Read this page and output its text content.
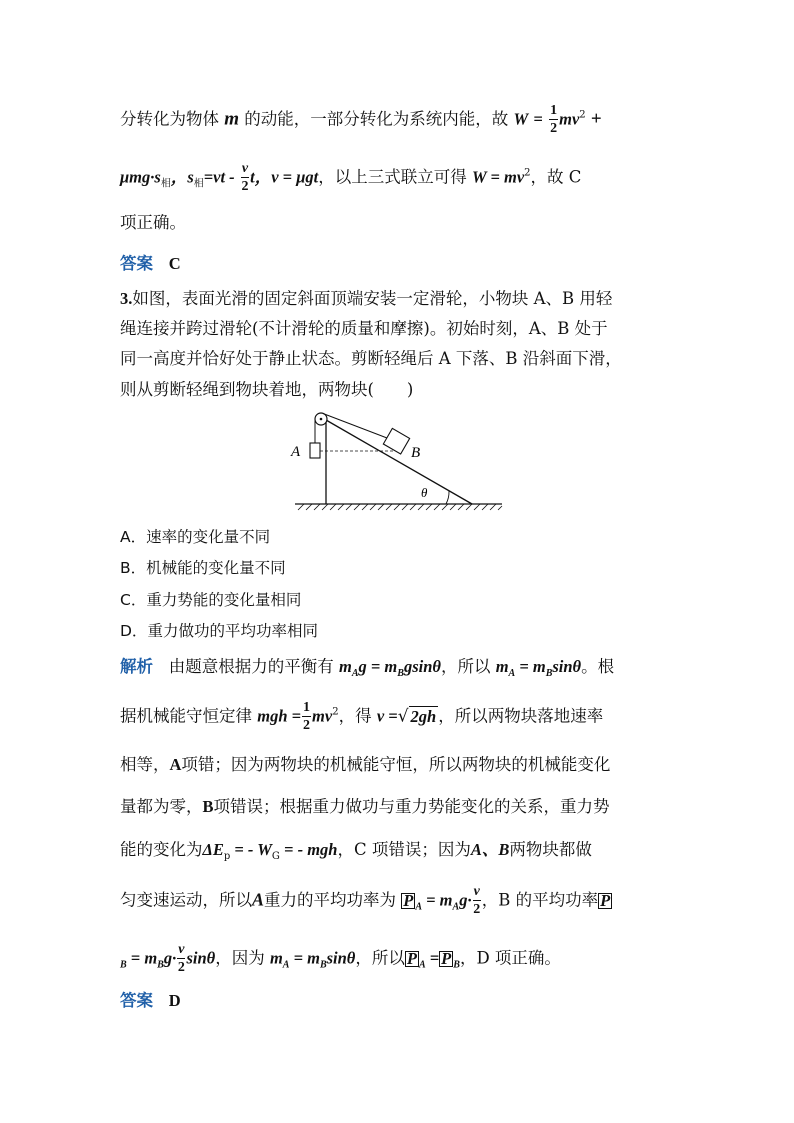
分转化为物体 m 的动能，一部分转化为系统内能，故 $W = \frac{1}{2} mv^2$ +
$\mu mg\cdot s_相$，$s_相=vt - \frac{v}{2}$ t，v = μgt，以上三式联立可得 $W = mv^2$，故 C
项正确。
答案 C
3.如图，表面光滑的固定斜面顶端安装一定滑轮，小物块 A、B 用轻
绳连接并跨过滑轮(不计滑轮的质量和摩擦)。初始时刻，A、B 处于
同一高度并恰好处于静止状态。剪断轻绳后 A 下落、B 沿斜面下滑，
则从剪断轻绳到物块着地，两物块(　　)
A	B
θ
A．速率的变化量不同
B．机械能的变化量不同
C．重力势能的变化量相同
D．重力做功的平均功率相同
解析 由题意根据力的平衡有 $m_Ag = m_Bgsin\theta$，所以 $m_A = m_B\sin\theta$。根
据机械能守恒定律 mgh = $\frac{1}{2} mv^2$，得 v =√ 2gh ，所以两物块落地速率
相等，A项错；因为两物块的机械能守恒，所以两物块的机械能变化
量都为零，B项错误；根据重力做功与重力势能变化的关系，重力势
能的变化为$\Delta E_p$ = - $W_G$ = - mgh，C 项错误；因为A、B两物块都做
匀变速运动，所以A重力的平均功率为 P $_A = m_Ag\cdot \frac{v}{2}$ ，B 的平均功率 P
$_B = m_Bg\cdot \frac{v}{2}$ sinθ，因为 $m_A = m_B\sin\theta$，所以 P $_A$ = P $_B$，D 项正确。
答案 D
